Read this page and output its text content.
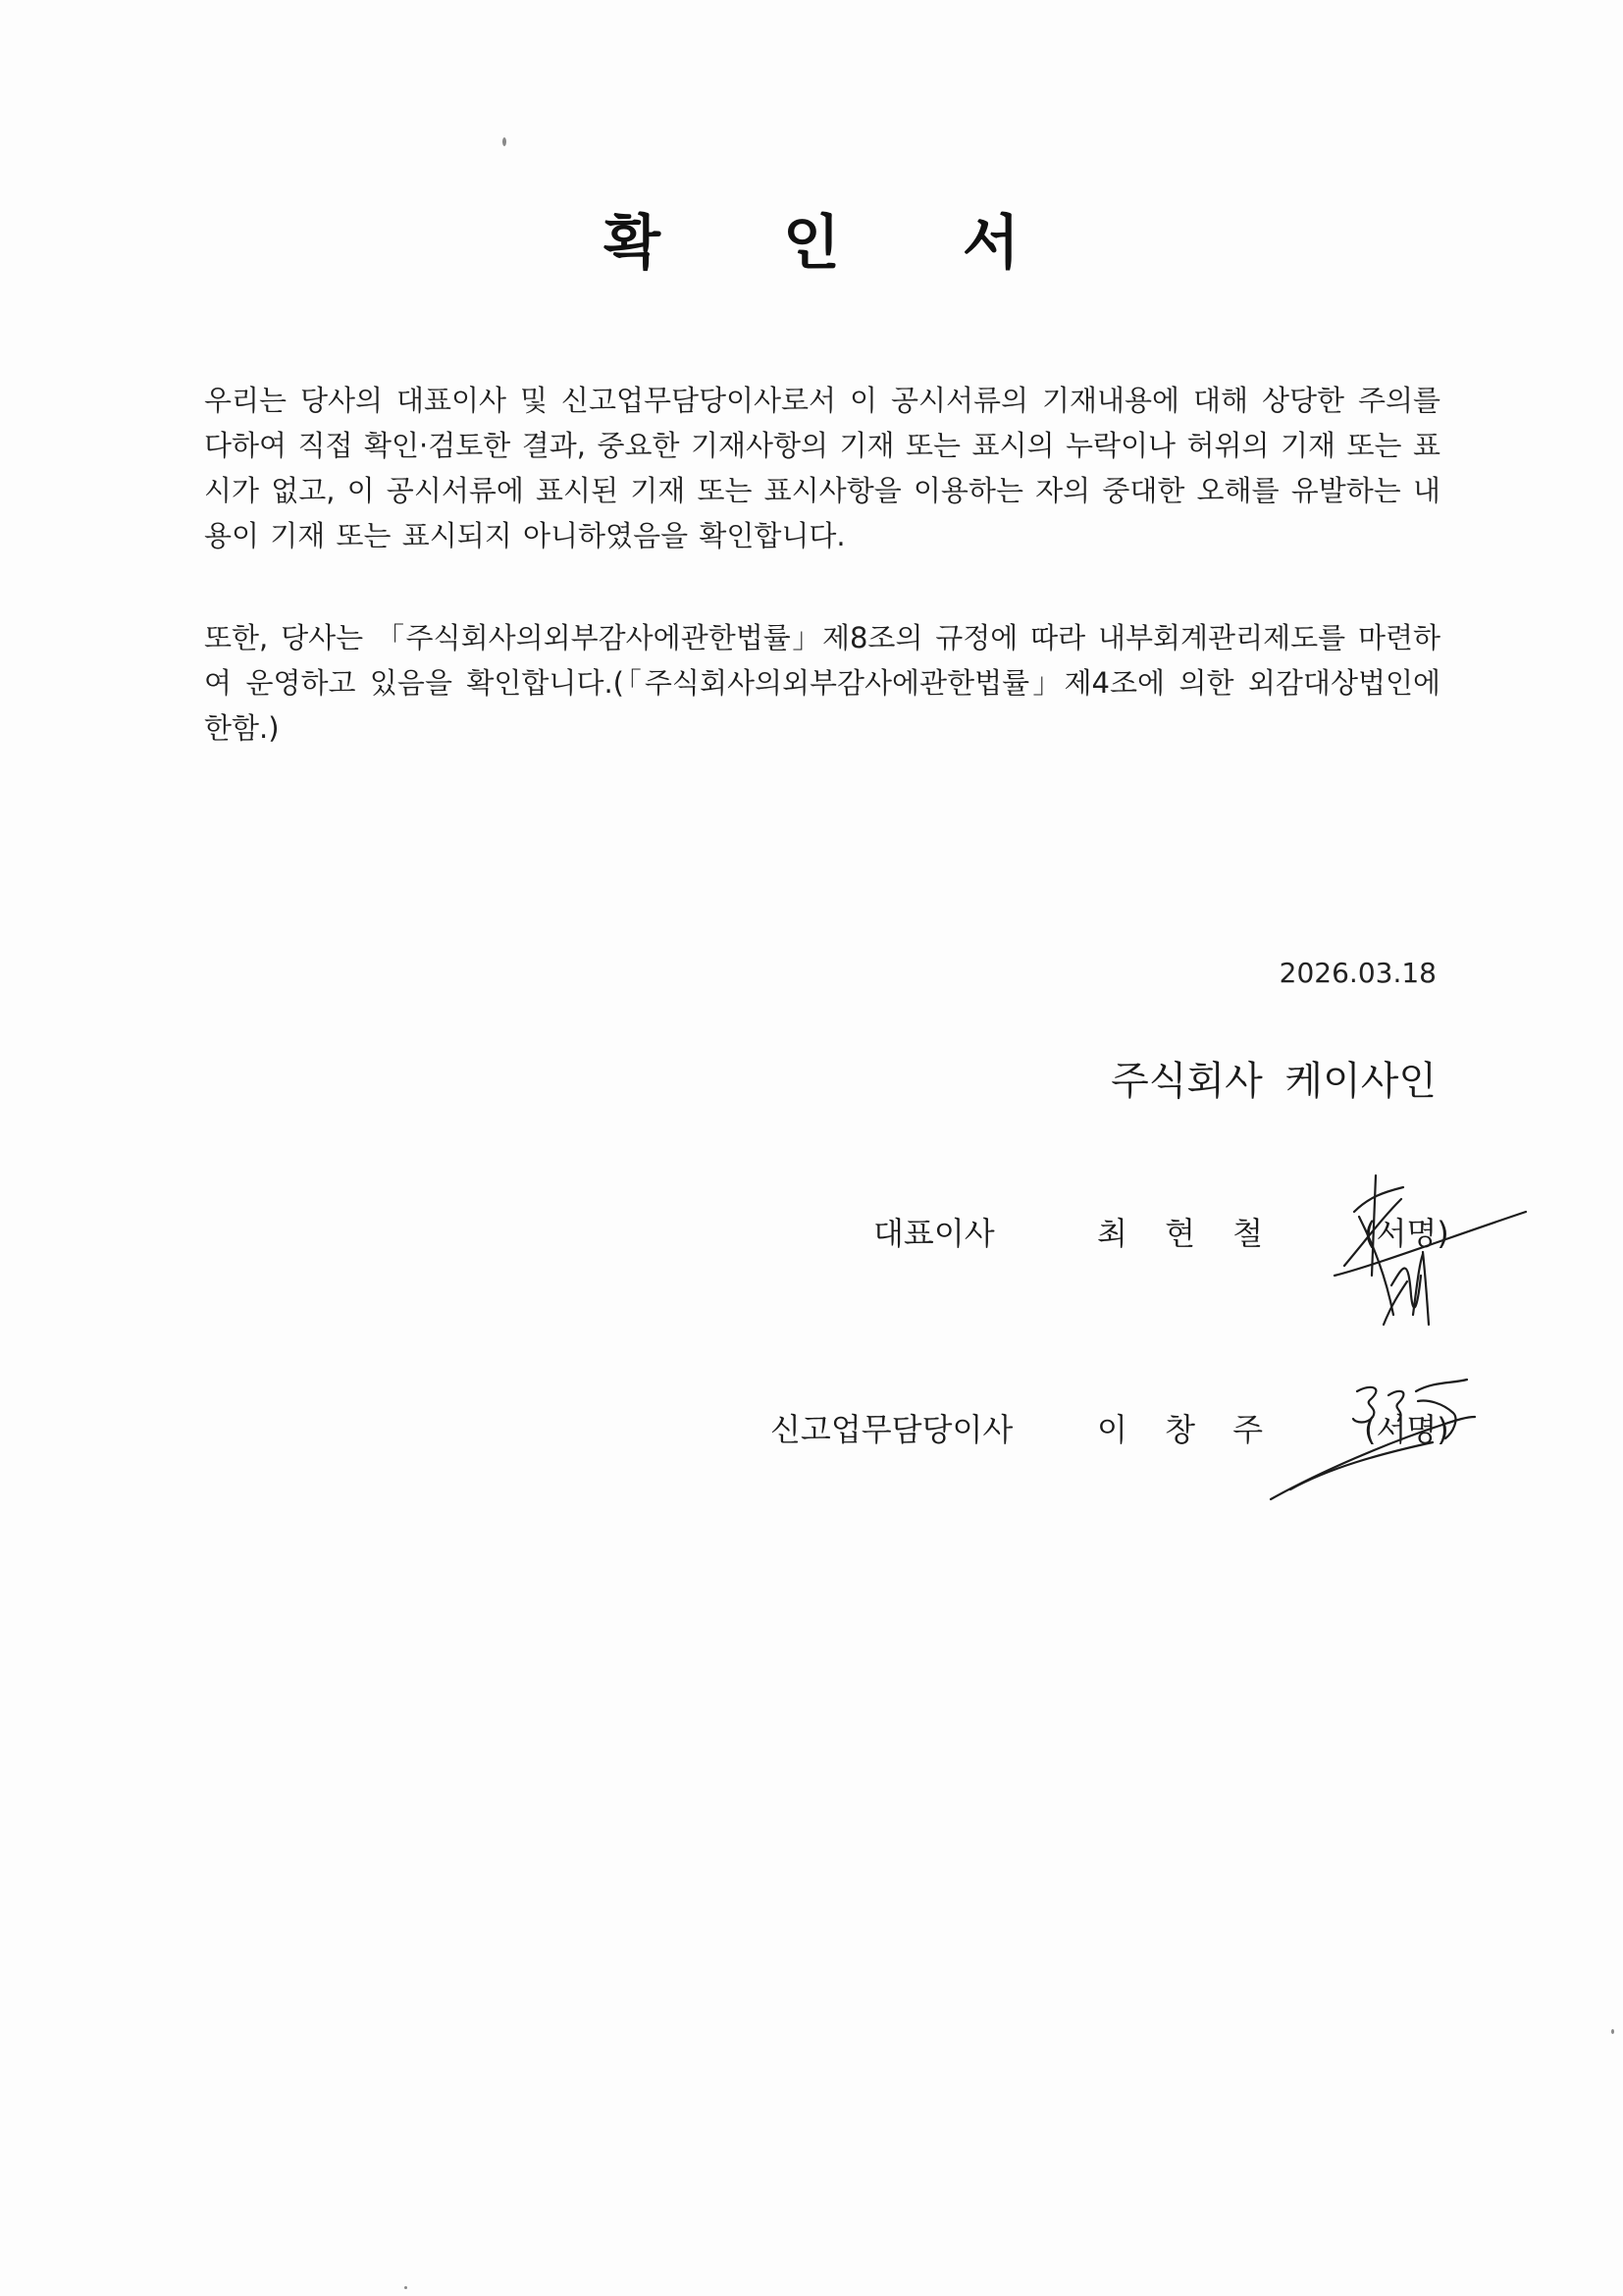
확 인 서
우리는 당사의 대표이사 및 신고업무담당이사로서 이 공시서류의 기재내용에 대해 상당한 주의를 다하여 직접 확인·검토한 결과, 중요한 기재사항의 기재 또는 표시의 누락이나 허위의 기재 또는 표시가 없고, 이 공시서류에 표시된 기재 또는 표시사항을 이용하는 자의 중대한 오해를 유발하는 내용이 기재 또는 표시되지 아니하였음을 확인합니다.
또한, 당사는 「주식회사의외부감사에관한법률」제8조의 규정에 따라 내부회계관리제도를 마련하여 운영하고 있음을 확인합니다.(「주식회사의외부감사에관한법률」제4조에 의한 외감대상법인에 한함.)
2026.03.18
주식회사 케이사인
대표이사	최 현 철	(서명)
신고업무담당이사	이 창 주	(서명)
